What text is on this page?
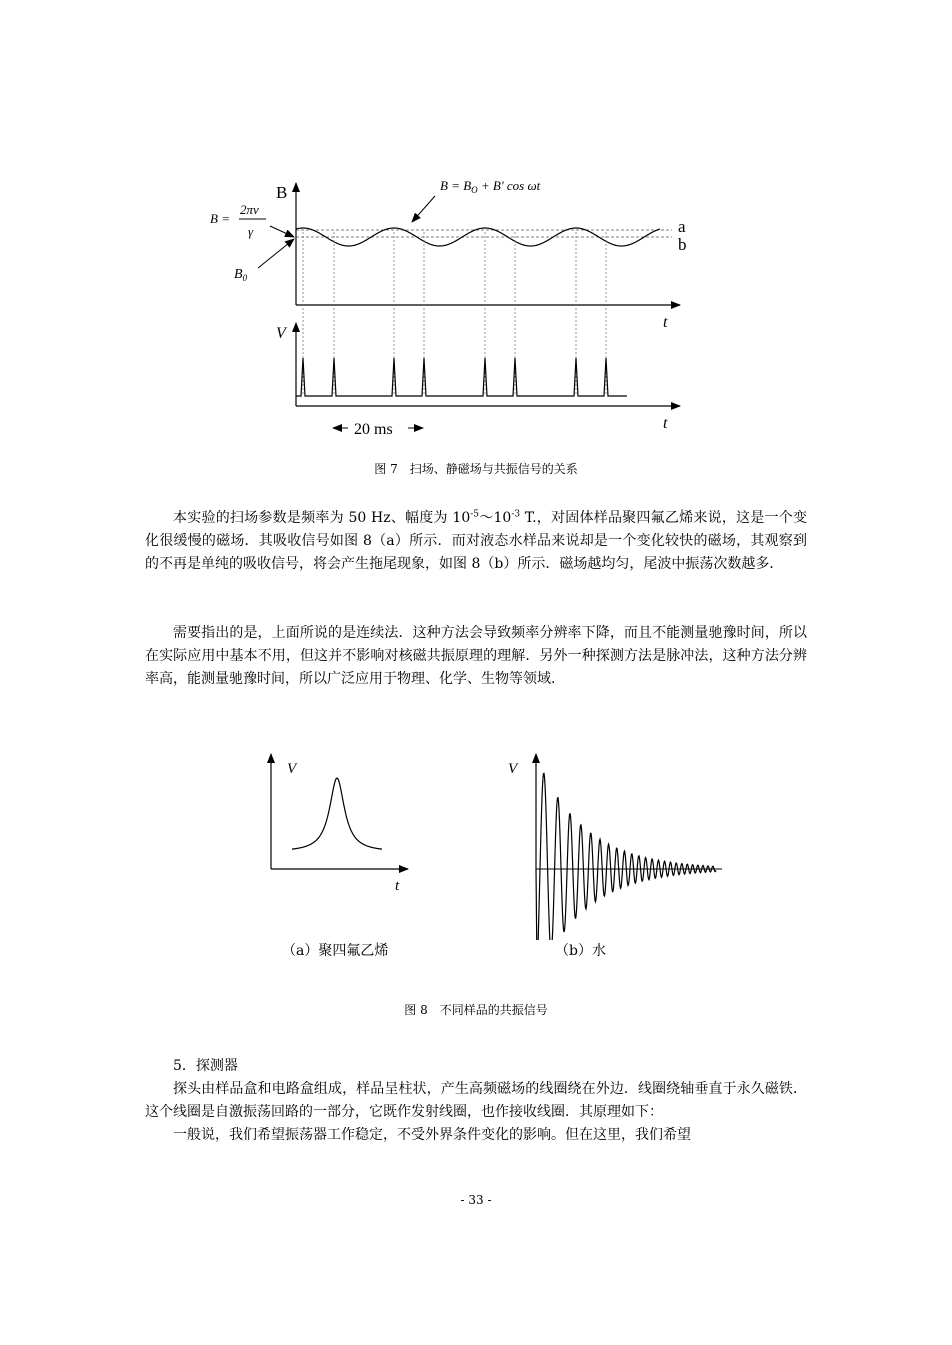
B
a
b
$B = B_O + B'$ cos ωt
B =
2πν
γ
$B_0$
t
V
t
20 ms
图 7　扫场、静磁场与共振信号的关系

本实验的扫场参数是频率为 50 Hz、幅度为 $10^{-5}\sim 10^{-3}$ T.，对固体样品聚四氟乙烯来说，这是一个变化很缓慢的磁场．其吸收信号如图 8（a）所示．而对液态水样品来说却是一个变化较快的磁场，其观察到的不再是单纯的吸收信号，将会产生拖尾现象，如图 8（b）所示．磁场越均匀，尾波中振荡次数越多．

需要指出的是，上面所说的是连续法．这种方法会导致频率分辨率下降，而且不能测量驰豫时间，所以在实际应用中基本不用，但这并不影响对核磁共振原理的理解．另外一种探测方法是脉冲法，这种方法分辨率高，能测量驰豫时间，所以广泛应用于物理、化学、生物等领域.

V
t
V
（a）聚四氟乙烯	（b）水
图 8　不同样品的共振信号

5．探测器

探头由样品盒和电路盒组成，样品呈柱状，产生高频磁场的线圈绕在外边．线圈绕轴垂直于永久磁铁．这个线圈是自激振荡回路的一部分，它既作发射线圈，也作接收线圈．其原理如下：

一般说，我们希望振荡器工作稳定，不受外界条件变化的影响。但在这里，我们希望

- 33 -
